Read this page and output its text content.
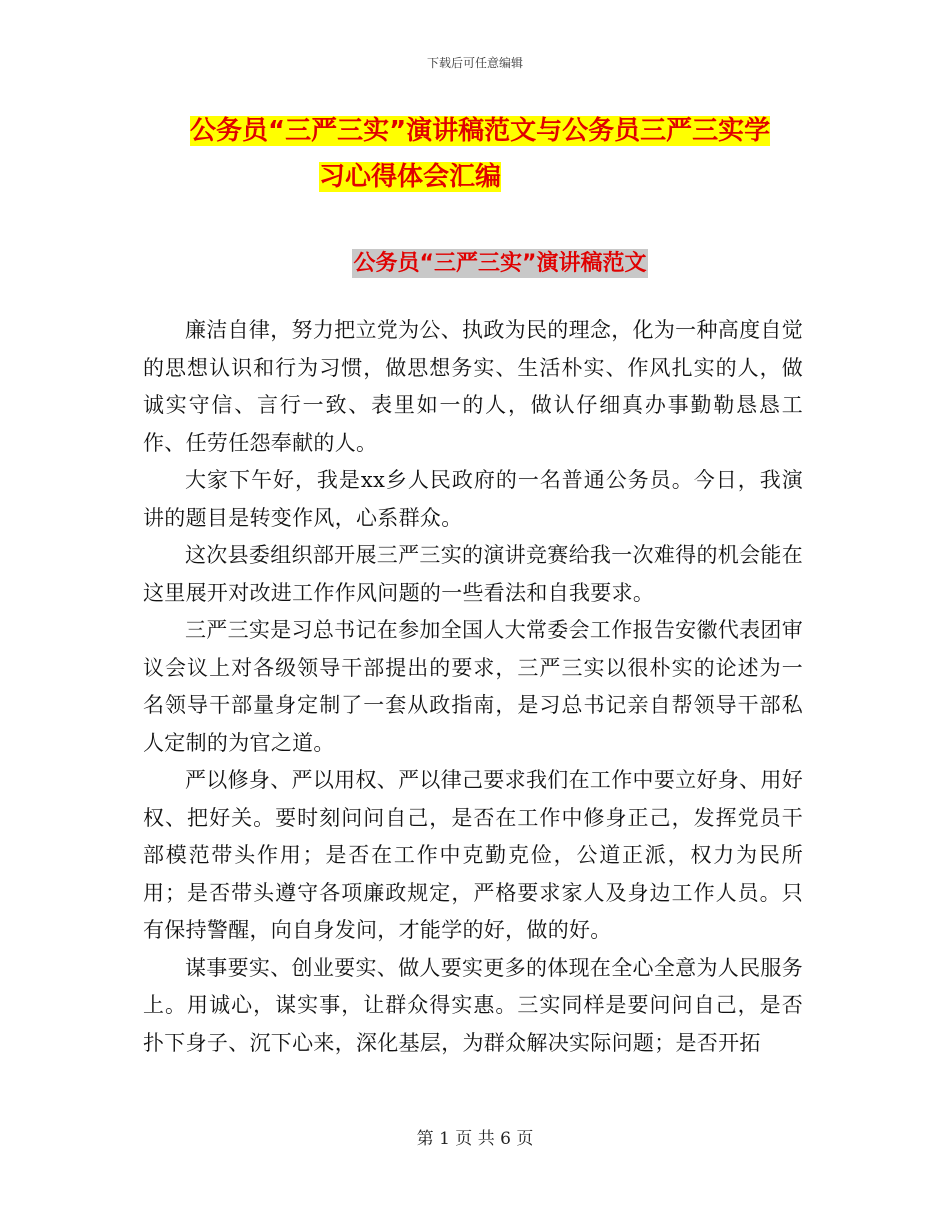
下载后可任意编辑
公务员“三严三实”演讲稿范文与公务员三严三实学

习心得体会汇编
公务员“三严三实”演讲稿范文

廉洁自律，努力把立党为公、执政为民的理念，化为一种高度自觉的思想认识和行为习惯，做思想务实、生活朴实、作风扎实的人，做诚实守信、言行一致、表里如一的人，做认仔细真办事勤勒恳恳工作、任劳任怨奉献的人。

大家下午好，我是xx乡人民政府的一名普通公务员。今日，我演讲的题目是转变作风，心系群众。

这次县委组织部开展三严三实的演讲竞赛给我一次难得的机会能在这里展开对改进工作作风问题的一些看法和自我要求。

三严三实是习总书记在参加全国人大常委会工作报告安徽代表团审议会议上对各级领导干部提出的要求，三严三实以很朴实的论述为一名领导干部量身定制了一套从政指南，是习总书记亲自帮领导干部私人定制的为官之道。

严以修身、严以用权、严以律己要求我们在工作中要立好身、用好权、把好关。要时刻问问自己，是否在工作中修身正己，发挥党员干部模范带头作用；是否在工作中克勤克俭，公道正派，权力为民所用；是否带头遵守各项廉政规定，严格要求家人及身边工作人员。只有保持警醒，向自身发问，才能学的好，做的好。

谋事要实、创业要实、做人要实更多的体现在全心全意为人民服务上。用诚心，谋实事，让群众得实惠。三实同样是要问问自己，是否扑下身子、沉下心来，深化基层，为群众解决实际问题；是否开拓

第 1 页 共 6 页
